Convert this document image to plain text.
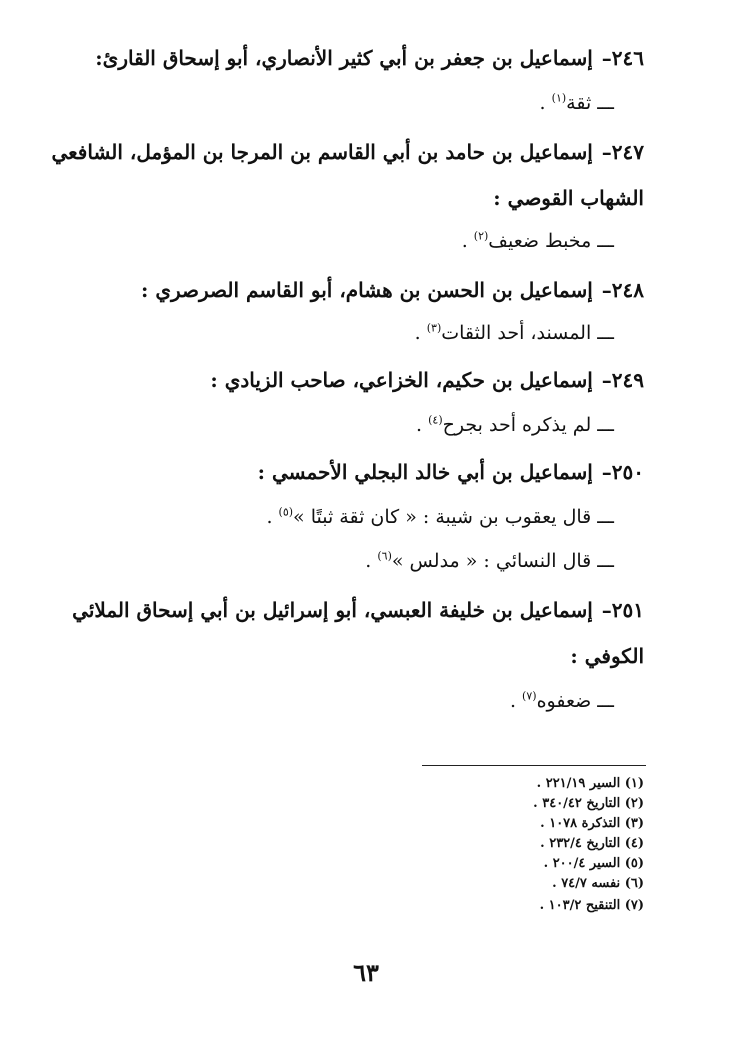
٢٤٦– إسماعيل بن جعفر بن أبي كثير الأنصاري، أبو إسحاق القارئ:
ـــ ثقة$^{(١)}$ .
٢٤٧– إسماعيل بن حامد بن أبي القاسم بن المرجا بن المؤمل، الشافعي
الشهاب القوصي :
ـــ مخبط ضعيف$^{(٢)}$ .
٢٤٨– إسماعيل بن الحسن بن هشام، أبو القاسم الصرصري :
ـــ المسند، أحد الثقات$^{(٣)}$ .
٢٤٩– إسماعيل بن حكيم، الخزاعي، صاحب الزيادي :
ـــ لم يذكره أحد بجرح$^{(٤)}$ .
٢٥٠– إسماعيل بن أبي خالد البجلي الأحمسي :
ـــ قال يعقوب بن شيبة : « كان ثقة ثبتًا »$^{(٥)}$ .
ـــ قال النسائي : « مدلس »$^{(٦)}$ .
٢٥١– إسماعيل بن خليفة العبسي، أبو إسرائيل بن أبي إسحاق الملائي
الكوفي :
ـــ ضعفوه$^{(٧)}$ .
(١) السير ٢٢١/١٩ .
(٢) التاريخ ٣٤٠/٤٢ .
(٣) التذكرة ١٠٧٨ .
(٤) التاريخ ٢٣٢/٤ .
(٥) السير ٢٠٠/٤ .
(٦) نفسه ٧٤/٧ .
(٧) التنقيح ١٠٣/٢ .
٦٣
